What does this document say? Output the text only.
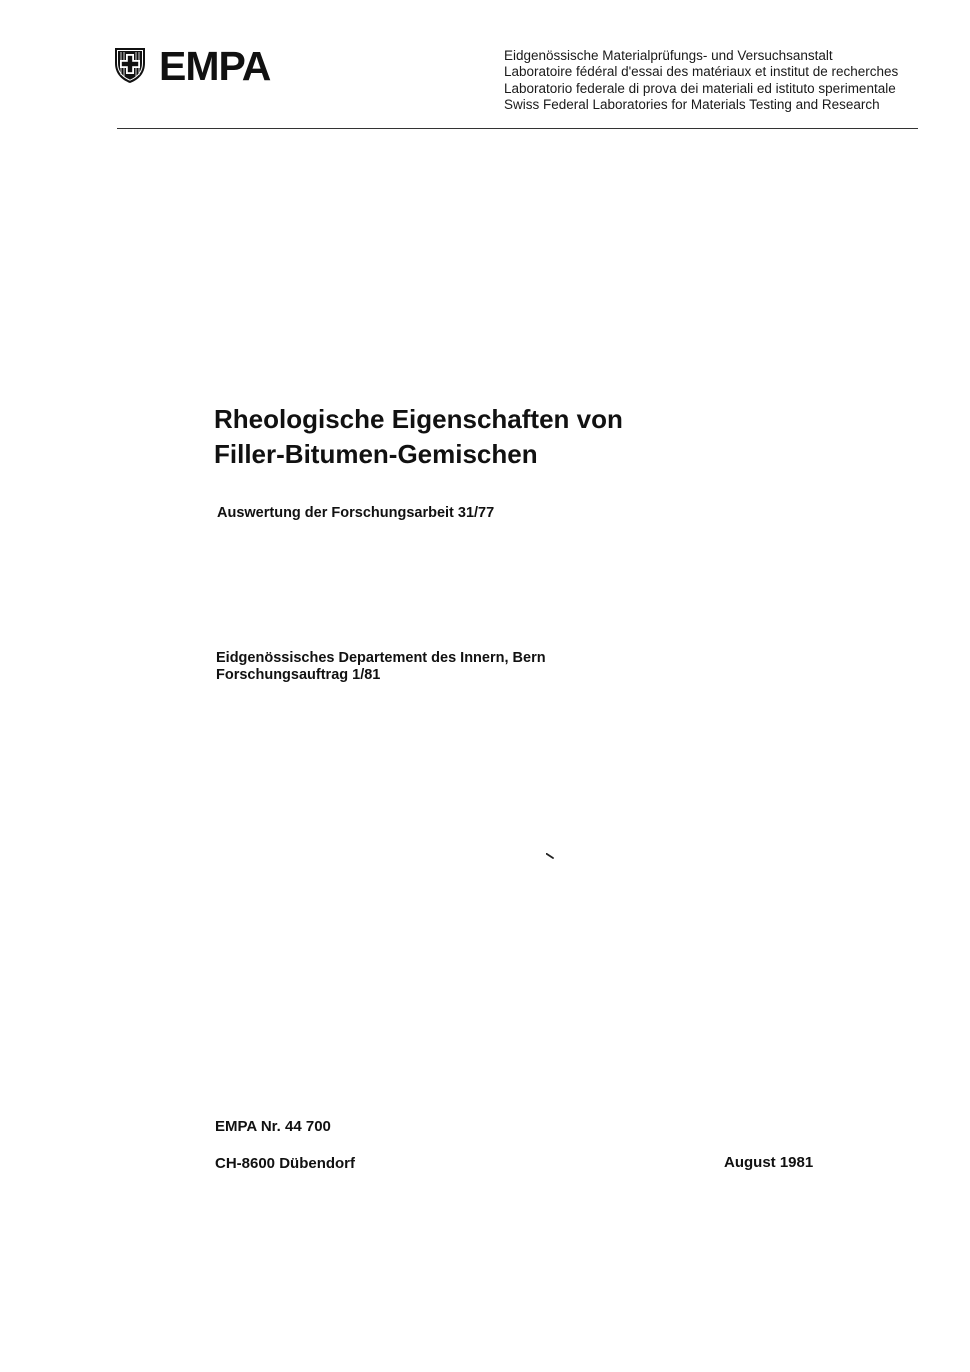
EMPA	Eidgenössische Materialprüfungs- und Versuchsanstalt
Laboratoire fédéral d'essai des matériaux et institut de recherches
Laboratorio federale di prova dei materiali ed istituto sperimentale
Swiss Federal Laboratories for Materials Testing and Research
Rheologische Eigenschaften von
Filler-Bitumen-Gemischen
Auswertung der Forschungsarbeit 31/77
Eidgenössisches Departement des Innern, Bern
Forschungsauftrag 1/81
EMPA Nr. 44 700
CH-8600 Dübendorf	August 1981
